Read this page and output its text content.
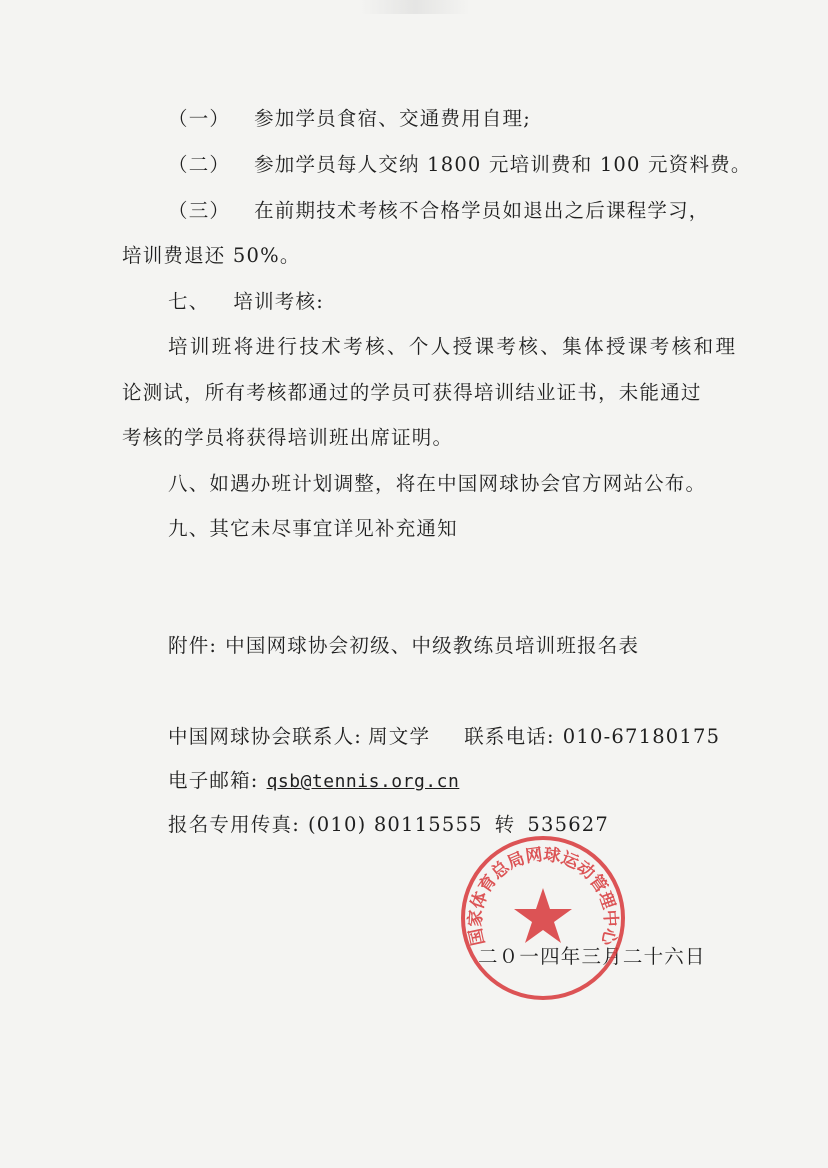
（一） 参加学员食宿、交通费用自理;
（二） 参加学员每人交纳 1800 元培训费和 100 元资料费。
（三） 在前期技术考核不合格学员如退出之后课程学习，
培训费退还 50%。
七、 培训考核:
培训班将进行技术考核、个人授课考核、集体授课考核和理
论测试，所有考核都通过的学员可获得培训结业证书，未能通过
考核的学员将获得培训班出席证明。
八、如遇办班计划调整，将在中国网球协会官方网站公布。
九、其它未尽事宜详见补充通知
附件: 中国网球协会初级、中级教练员培训班报名表
中国网球协会联系人: 周文学 联系电话: 010-67180175
电子邮箱: qsb@tennis.org.cn
报名专用传真: (010) 80115555 转 535627
二０一四年三月二十六日
国家体育总局网球运动管理中心
